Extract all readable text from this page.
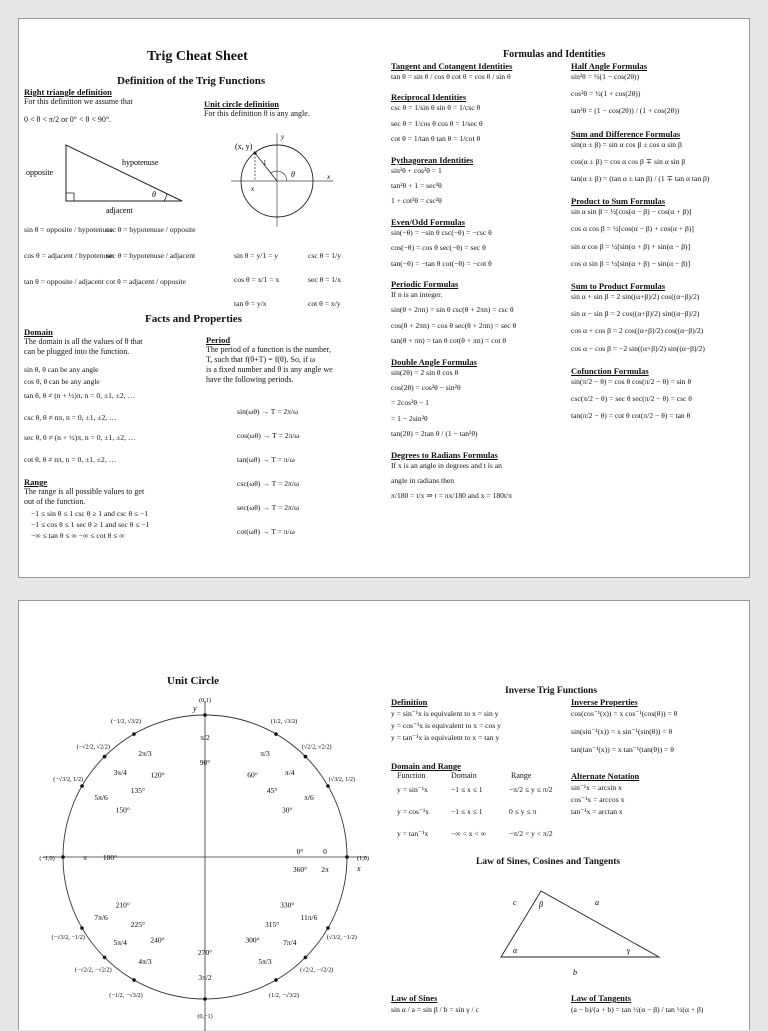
Trig Cheat Sheet
Definition of the Trig Functions
Right triangle definition
For this definition we assume that
0 < θ < π/2 or 0° < θ < 90°.
hypotenuse
opposite
adjacent
θ
sin θ = opposite / hypotenuse
csc θ = hypotenuse / opposite
cos θ = adjacent / hypotenuse
sec θ = hypotenuse / adjacent
tan θ = opposite / adjacent cot θ = adjacent / opposite
Unit circle definition
For this definition θ is any angle.
(x, y)
1
θ
x
y
x
sin θ = y/1 = y	csc θ = 1/y
cos θ = x/1 = x	sec θ = 1/x
tan θ = y/x	cot θ = x/y
Facts and Properties
Domain
The domain is all the values of θ that
can be plugged into the function.
sin θ, θ can be any angle
cos θ, θ can be any angle
tan θ, θ ≠ (n + ½)π, n = 0, ±1, ±2, …
csc θ, θ ≠ nπ, n = 0, ±1, ±2, …
sec θ, θ ≠ (n + ½)π, n = 0, ±1, ±2, …
cot θ, θ ≠ nπ, n = 0, ±1, ±2, …
Period
The period of a function is the number,
T, such that f(θ+T) = f(θ). So, if ω
is a fixed number and θ is any angle we
have the following periods.
sin(ωθ) → T = 2π/ω
cos(ωθ) → T = 2π/ω
tan(ωθ) → T = π/ω
csc(ωθ) → T = 2π/ω
sec(ωθ) → T = 2π/ω
cot(ωθ) → T = π/ω
Range
The range is all possible values to get
out of the function.
−1 ≤ sin θ ≤ 1 csc θ ≥ 1 and csc θ ≤ −1
−1 ≤ cos θ ≤ 1 sec θ ≥ 1 and sec θ ≤ −1
−∞ ≤ tan θ ≤ ∞ −∞ ≤ cot θ ≤ ∞
Formulas and Identities
Tangent and Cotangent Identities
tan θ = sin θ / cos θ cot θ = cos θ / sin θ
Reciprocal Identities
csc θ = 1/sin θ sin θ = 1/csc θ
sec θ = 1/cos θ cos θ = 1/sec θ
cot θ = 1/tan θ tan θ = 1/cot θ
Pythagorean Identities
sin²θ + cos²θ = 1
tan²θ + 1 = sec²θ
1 + cot²θ = csc²θ
Even/Odd Formulas
sin(−θ) = −sin θ csc(−θ) = −csc θ
cos(−θ) = cos θ sec(−θ) = sec θ
tan(−θ) = −tan θ cot(−θ) = −cot θ
Periodic Formulas
If n is an integer.
sin(θ + 2πn) = sin θ csc(θ + 2πn) = csc θ
cos(θ + 2πn) = cos θ sec(θ + 2πn) = sec θ
tan(θ + πn) = tan θ cot(θ + πn) = cot θ
Double Angle Formulas
sin(2θ) = 2 sin θ cos θ
cos(2θ) = cos²θ − sin²θ
= 2cos²θ − 1
= 1 − 2sin²θ
tan(2θ) = 2tan θ / (1 − tan²θ)
Degrees to Radians Formulas
If x is an angle in degrees and t is an
angle in radians then
π/180 = t/x ⇒ t = πx/180 and x = 180t/π
Half Angle Formulas
sin²θ = ½(1 − cos(2θ))
cos²θ = ½(1 + cos(2θ))
tan²θ = (1 − cos(2θ)) / (1 + cos(2θ))
Sum and Difference Formulas
sin(α ± β) = sin α cos β ± cos α sin β
cos(α ± β) = cos α cos β ∓ sin α sin β
tan(α ± β) = (tan α ± tan β) / (1 ∓ tan α tan β)
Product to Sum Formulas
sin α sin β = ½[cos(α − β) − cos(α + β)]
cos α cos β = ½[cos(α − β) + cos(α + β)]
sin α cos β = ½[sin(α + β) + sin(α − β)]
cos α sin β = ½[sin(α + β) − sin(α − β)]
Sum to Product Formulas
sin α + sin β = 2 sin((α+β)/2) cos((α−β)/2)
sin α − sin β = 2 cos((α+β)/2) sin((α−β)/2)
cos α + cos β = 2 cos((α+β)/2) cos((α−β)/2)
cos α − cos β = −2 sin((α+β)/2) sin((α−β)/2)
Cofunction Formulas
sin(π/2 − θ) = cos θ cos(π/2 − θ) = sin θ
csc(π/2 − θ) = sec θ sec(π/2 − θ) = csc θ
tan(π/2 − θ) = cot θ cot(π/2 − θ) = tan θ
Unit Circle
x
y
0°	0
(1,0)
30°
π/6
(√3/2, 1/2)
45°
π/4
(√2/2, √2/2)
60°
π/3
(1/2, √3/2)
90°
π/2
(0,1)
120°
2π/3
(−1/2, √3/2)
135°
3π/4
(−√2/2, √2/2)
150°
5π/6
(−√3/2, 1/2)
180°
π
(−1,0)
210°
7π/6
(−√3/2, −1/2)
225°
5π/4
(−√2/2, −√2/2)
240°
4π/3
(−1/2, −√3/2)
270°
3π/2
(0,−1)
300°
5π/3
(1/2, −√3/2)
315°
7π/4
(√2/2, −√2/2)
330°
11π/6
(√3/2, −1/2)
360° 2π
Inverse Trig Functions
Definition
y = sin⁻¹x is equivalent to x = sin y
y = cos⁻¹x is equivalent to x = cos y
y = tan⁻¹x is equivalent to x = tan y
Inverse Properties
cos(cos⁻¹(x)) = x cos⁻¹(cos(θ)) = θ
sin(sin⁻¹(x)) = x sin⁻¹(sin(θ)) = θ
tan(tan⁻¹(x)) = x tan⁻¹(tan(θ)) = θ
Domain and Range
Function	Domain	Range
y = sin⁻¹x	−1 ≤ x ≤ 1	−π/2 ≤ y ≤ π/2
y = cos⁻¹x	−1 ≤ x ≤ 1	0 ≤ y ≤ π
y = tan⁻¹x	−∞ < x < ∞	−π/2 < y < π/2
Alternate Notation
sin⁻¹x = arcsin x
cos⁻¹x = arccos x
tan⁻¹x = arctan x
Law of Sines, Cosines and Tangents
c	a
b
β
α	γ
Law of Sines
sin α / a = sin β / b = sin γ / c
Law of Tangents
(a − b)/(a + b) = tan ½(α − β) / tan ½(α + β)
